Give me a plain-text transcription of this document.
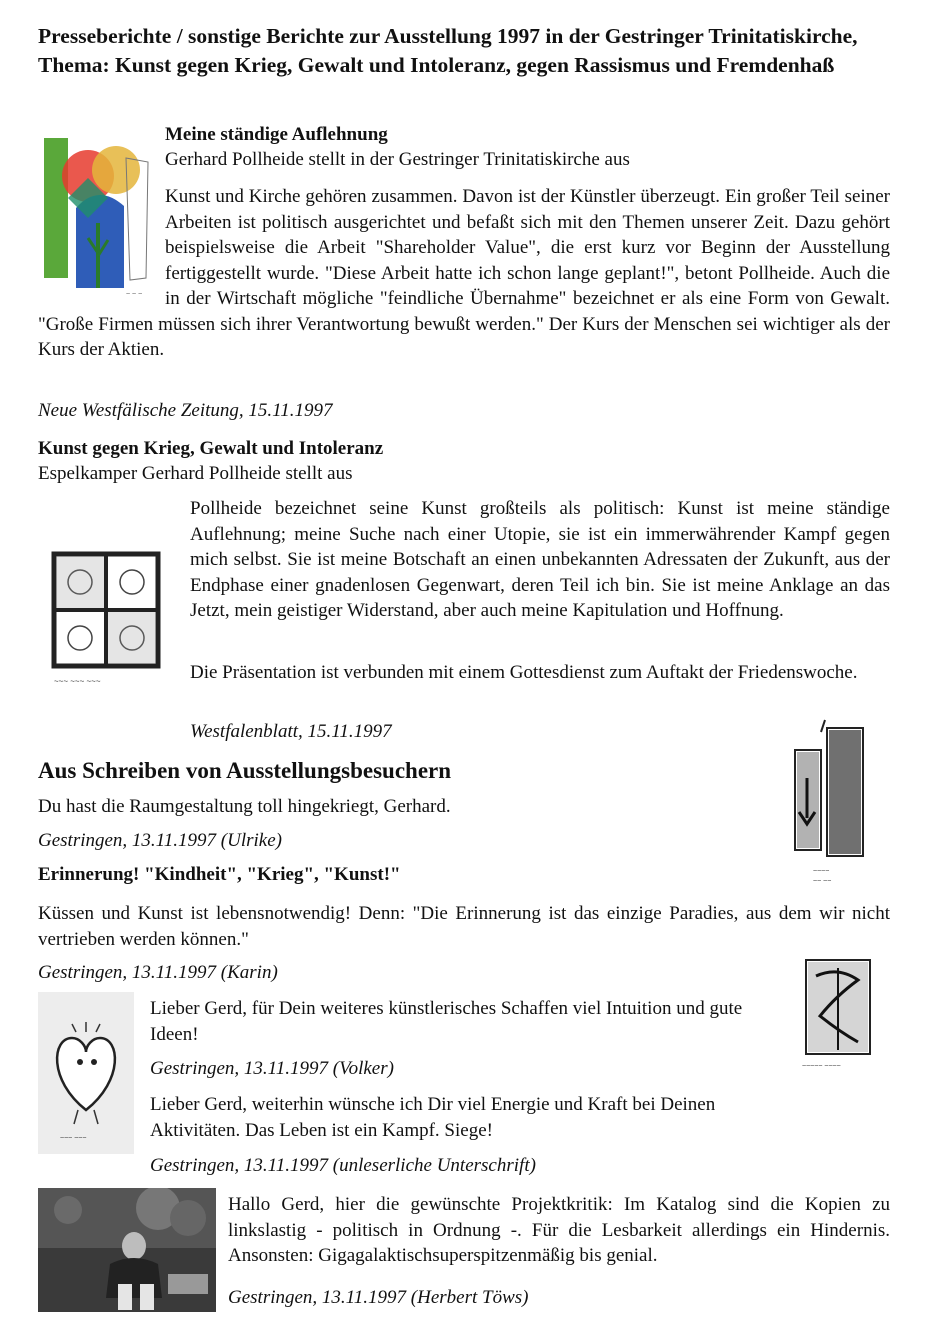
Presseberichte / sonstige Berichte zur Ausstellung 1997 in der Gestringer Trinitatiskirche, Thema: Kunst gegen Krieg, Gewalt und Intoleranz, gegen Rassismus und Fremdenhaß
~ ~ ~
Meine ständige Auflehnung
Gerhard Pollheide stellt in der Gestringer Trinitatiskirche aus
Kunst und Kirche gehören zusammen. Davon ist der Künstler überzeugt. Ein großer Teil seiner Arbeiten ist politisch ausgerichtet und befaßt sich mit den Themen unserer Zeit. Dazu gehört beispielsweise die Arbeit "Shareholder Value", die erst kurz vor Beginn der Ausstellung fertiggestellt wurde. "Diese Arbeit hatte ich schon lange geplant!", betont Pollheide. Auch die in der Wirtschaft mögliche "feindliche Übernahme" bezeichnet er als eine Form von Gewalt. "Große Firmen müssen sich ihrer Verantwortung bewußt werden." Der Kurs der Menschen sei wichtiger als der Kurs der Aktien.
Neue Westfälische Zeitung, 15.11.1997
Kunst gegen Krieg, Gewalt und Intoleranz
Espelkamper Gerhard Pollheide stellt aus
~~~ ~~~ ~~~
Pollheide bezeichnet seine Kunst großteils als politisch: Kunst ist meine ständige Auflehnung; meine Suche nach einer Utopie, sie ist ein immerwährender Kampf gegen mich selbst. Sie ist meine Botschaft an einen unbekannten Adressaten der Zukunft, aus der Endphase einer gnadenlosen Gegenwart, deren Teil ich bin. Sie ist meine Anklage an das Jetzt, mein geistiger Widerstand, aber auch meine Kapitulation und Hoffnung.
Die Präsentation ist verbunden mit einem Gottesdienst zum Auftakt der Friedenswoche.
Westfalenblatt, 15.11.1997
~~~~
~~ ~~
Aus Schreiben von Ausstellungsbesuchern
Du hast die Raumgestaltung toll hingekriegt, Gerhard.
Gestringen, 13.11.1997 (Ulrike)
Erinnerung! "Kindheit", "Krieg", "Kunst!"
Küssen und Kunst ist lebensnotwendig! Denn: "Die Erinnerung ist das einzige Paradies, aus dem wir nicht vertrieben werden können."
Gestringen, 13.11.1997 (Karin)
~~~ ~~~
Lieber Gerd, für Dein weiteres künstlerisches Schaffen viel Intuition und gute Ideen!
Gestringen, 13.11.1997 (Volker)
Lieber Gerd, weiterhin wünsche ich Dir viel Energie und Kraft bei Deinen Aktivitäten. Das Leben ist ein Kampf. Siege!
Gestringen, 13.11.1997 (unleserliche Unterschrift)
~~~~~ ~~~~
Hallo Gerd, hier die gewünschte Projektkritik: Im Katalog sind die Kopien zu linkslastig - politisch in Ordnung -. Für die Lesbarkeit allerdings ein Hindernis. Ansonsten: Gigagalaktischsuperspitzenmäßig bis genial.
Gestringen, 13.11.1997 (Herbert Töws)
